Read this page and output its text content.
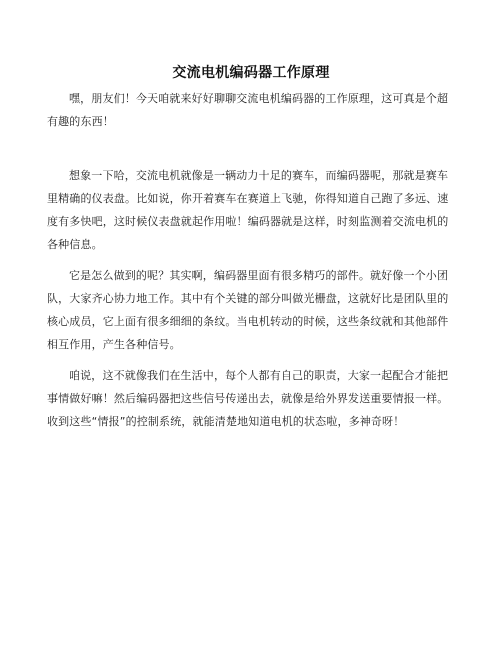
交流电机编码器工作原理

嘿，朋友们！今天咱就来好好聊聊交流电机编码器的工作原理，这可真是个超有趣的东西！

想象一下哈，交流电机就像是一辆动力十足的赛车，而编码器呢，那就是赛车里精确的仪表盘。比如说，你开着赛车在赛道上飞驰，你得知道自己跑了多远、速度有多快吧，这时候仪表盘就起作用啦！编码器就是这样，时刻监测着交流电机的各种信息。

它是怎么做到的呢？其实啊，编码器里面有很多精巧的部件。就好像一个小团队，大家齐心协力地工作。其中有个关键的部分叫做光栅盘，这就好比是团队里的核心成员，它上面有很多细细的条纹。当电机转动的时候，这些条纹就和其他部件相互作用，产生各种信号。

咱说，这不就像我们在生活中，每个人都有自己的职责，大家一起配合才能把事情做好嘛！然后编码器把这些信号传递出去，就像是给外界发送重要情报一样。收到这些“情报”的控制系统，就能清楚地知道电机的状态啦，多神奇呀！
